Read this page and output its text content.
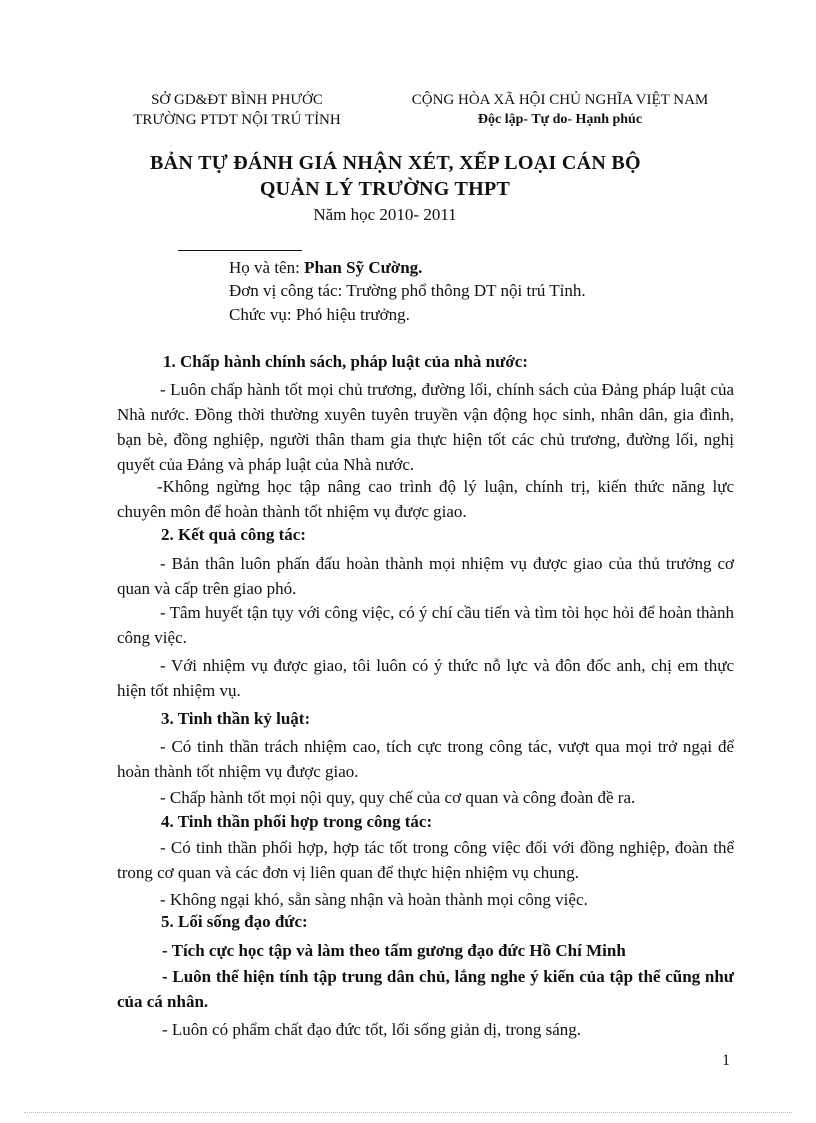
SỞ GD&ĐT BÌNH PHƯỚC
TRƯỜNG PTDT NỘI TRÚ TỈNH
CỘNG HÒA XÃ HỘI CHỦ NGHĨA VIỆT NAM
Độc lập- Tự do- Hạnh phúc
BẢN TỰ ĐÁNH GIÁ NHẬN XÉT, XẾP LOẠI CÁN BỘ
QUẢN LÝ TRƯỜNG THPT
Năm học 2010- 2011
Họ và tên: Phan Sỹ Cường.
Đơn vị công tác: Trường phổ thông DT nội trú Tỉnh.
Chức vụ: Phó hiệu trưởng.
1. Chấp hành chính sách, pháp luật của nhà nước:
- Luôn chấp hành tốt mọi chủ trương, đường lối, chính sách của Đảng pháp luật của Nhà nước. Đồng thời thường xuyên tuyên truyền vận động học sinh, nhân dân, gia đình, bạn bè, đồng nghiệp, người thân tham gia thực hiện tốt các chủ trương, đường lối, nghị quyết của Đảng và pháp luật của Nhà nước.
-Không ngừng học tập nâng cao trình độ lý luận, chính trị, kiến thức năng lực chuyên môn để hoàn thành tốt nhiệm vụ được giao.
2. Kết quả công tác:
- Bản thân luôn phấn đấu hoàn thành mọi nhiệm vụ được giao của thủ trưởng cơ quan và cấp trên giao phó.
- Tâm huyết tận tụy với công việc, có ý chí cầu tiến và tìm tòi học hỏi để hoàn thành công việc.
- Với nhiệm vụ được giao, tôi luôn có ý thức nỗ lực và đôn đốc anh, chị em thực hiện tốt nhiệm vụ.
3. Tinh thần kỷ luật:
- Có tinh thần trách nhiệm cao, tích cực trong công tác, vượt qua mọi trở ngại để hoàn thành tốt nhiệm vụ được giao.
- Chấp hành tốt mọi nội quy, quy chế của cơ quan và công đoàn đề ra.
4. Tinh thần phối hợp trong công tác:
- Có tinh thần phối hợp, hợp tác tốt trong công việc đối với đồng nghiệp, đoàn thể trong cơ quan và các đơn vị liên quan để thực hiện nhiệm vụ chung.
- Không ngại khó, sẵn sàng nhận và hoàn thành mọi công việc.
5. Lối sống đạo đức:
- Tích cực học tập và làm theo tấm gương đạo đức Hồ Chí Minh
- Luôn thể hiện tính tập trung dân chủ, lắng nghe ý kiến của tập thể cũng như của cá nhân.
- Luôn có phẩm chất đạo đức tốt, lối sống giản dị, trong sáng.
1
